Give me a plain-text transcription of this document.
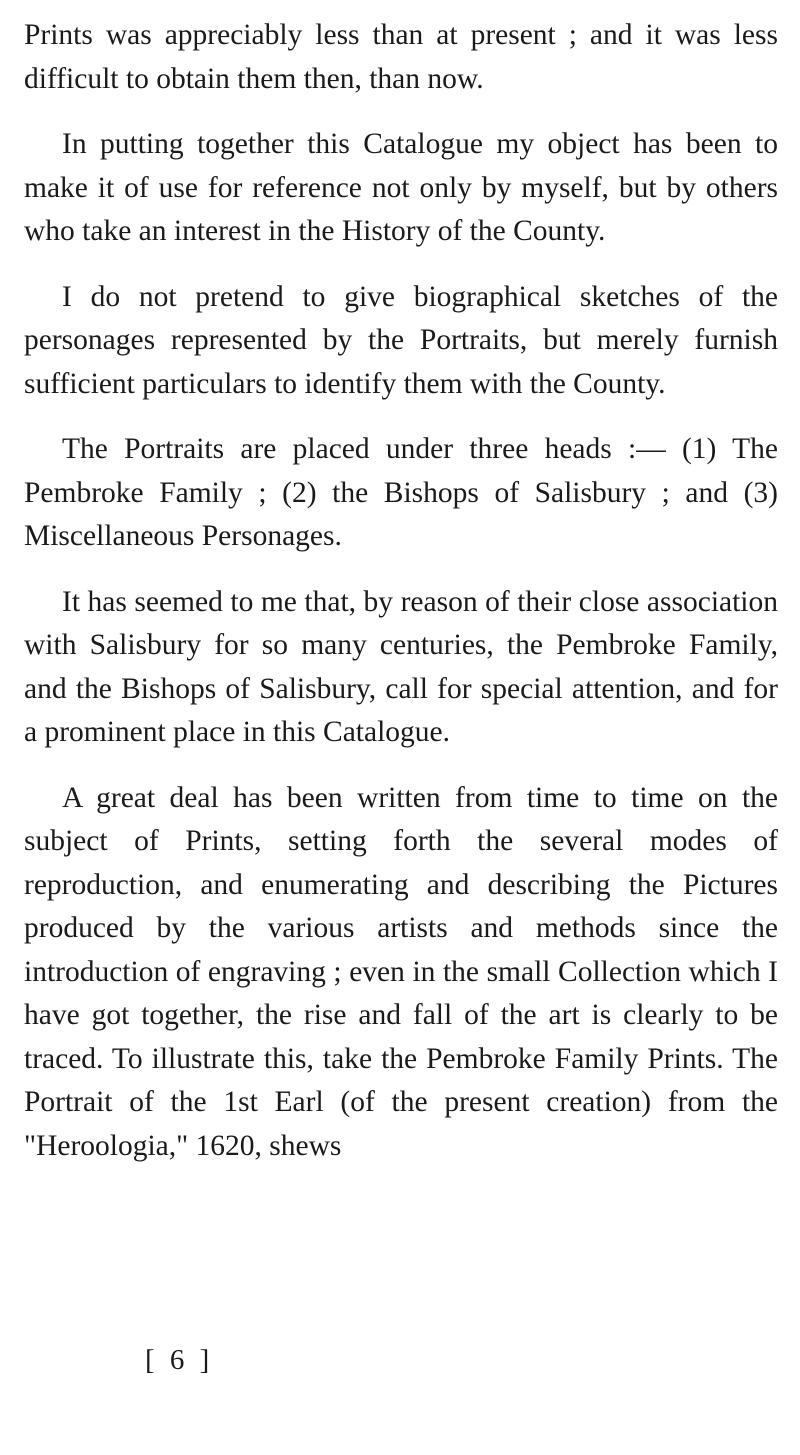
Prints was appreciably less than at present ; and it was less difficult to obtain them then, than now.

In putting together this Catalogue my object has been to make it of use for reference not only by myself, but by others who take an interest in the History of the County.

I do not pretend to give biographical sketches of the personages represented by the Portraits, but merely furnish sufficient particulars to identify them with the County.

The Portraits are placed under three heads :— (1) The Pembroke Family ; (2) the Bishops of Salisbury ; and (3) Miscellaneous Personages.

It has seemed to me that, by reason of their close association with Salisbury for so many centuries, the Pembroke Family, and the Bishops of Salisbury, call for special attention, and for a prominent place in this Catalogue.

A great deal has been written from time to time on the subject of Prints, setting forth the several modes of reproduction, and enumerating and describing the Pictures produced by the various artists and methods since the introduction of engraving ; even in the small Collection which I have got together, the rise and fall of the art is clearly to be traced. To illustrate this, take the Pembroke Family Prints. The Portrait of the 1st Earl (of the present creation) from the "Heroologia," 1620, shews

[ 6 ]
